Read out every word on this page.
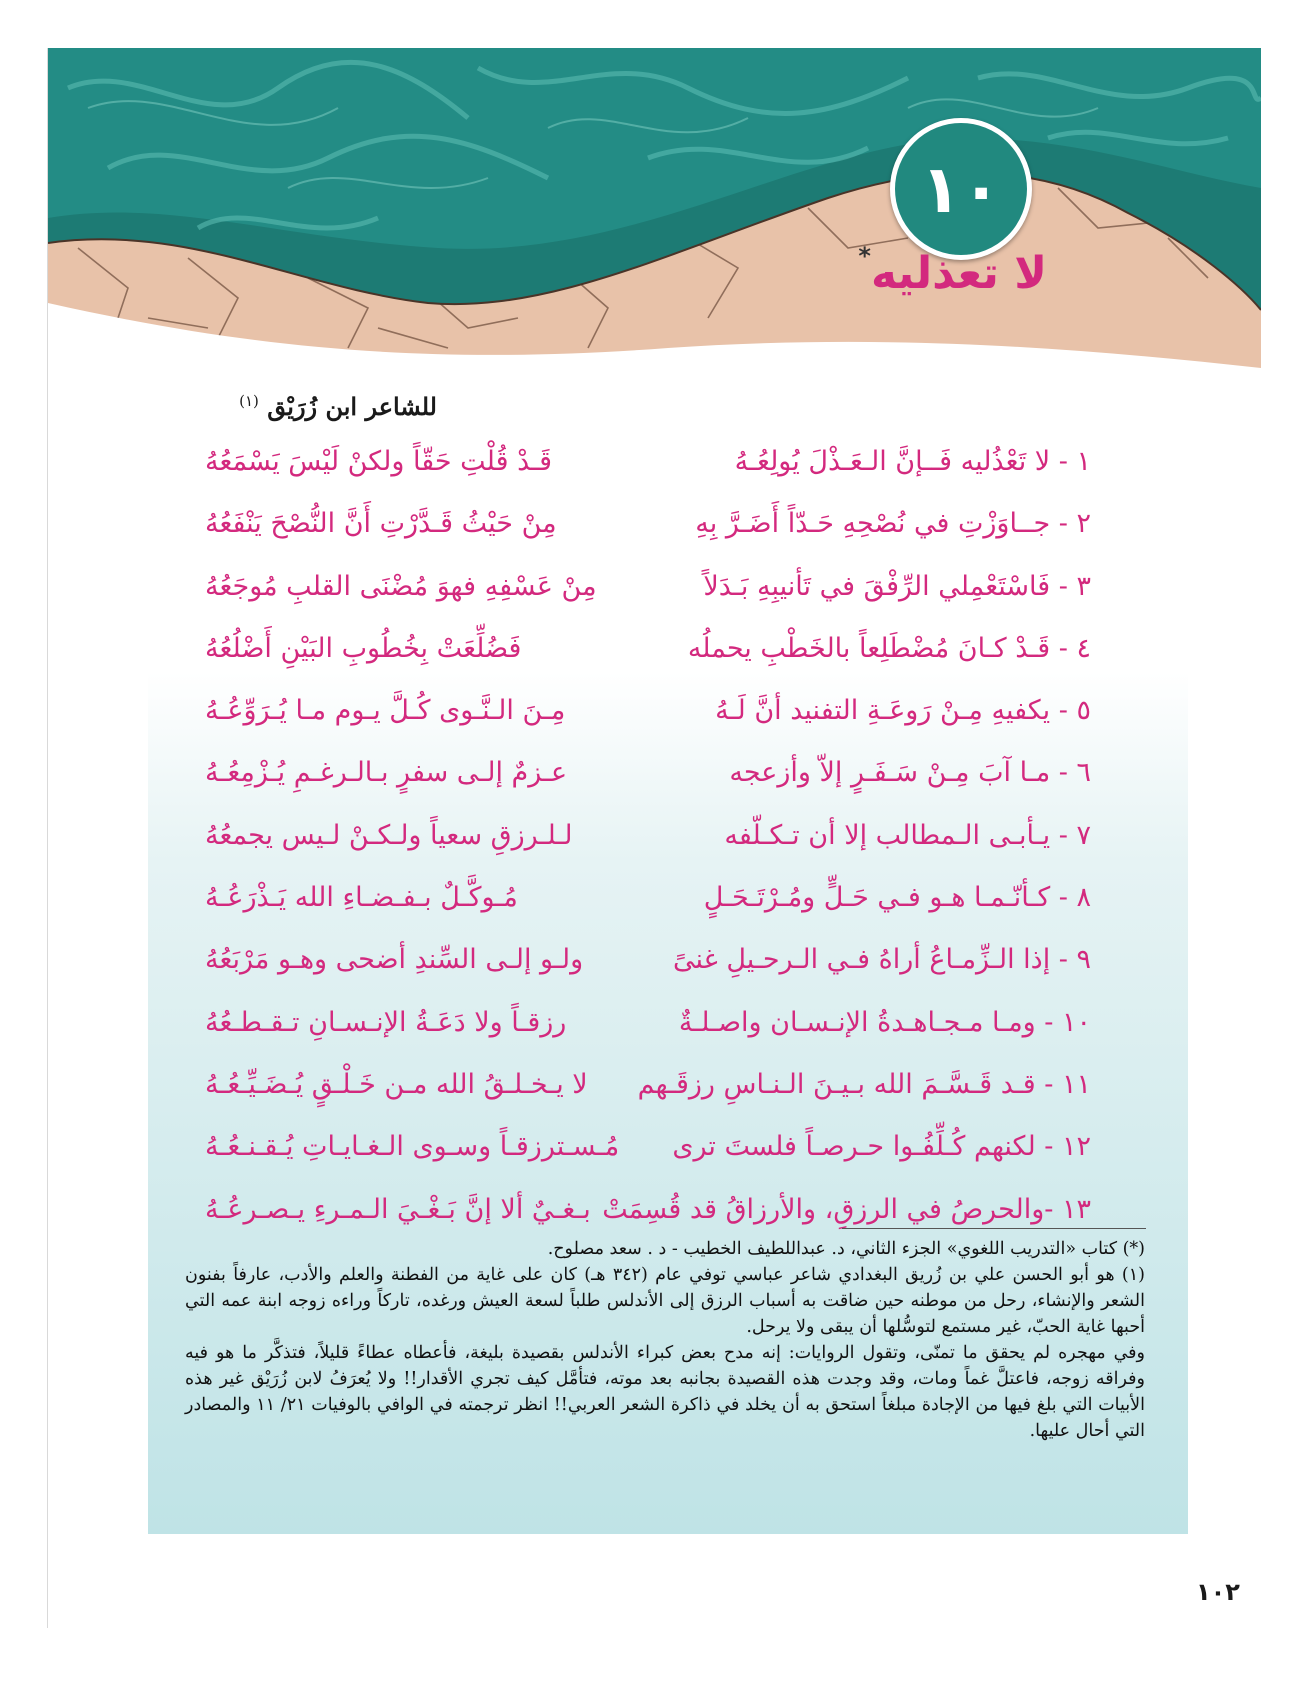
١٠
لا تعذليه*

للشاعر ابن زُرَيْق $^{(١)}$

١ - لا تَعْذُليه فَــإنَّ الـعَـذْلَ يُولِعُـهُ
قَـدْ قُلْتِ حَقّاً ولكنْ لَيْسَ يَسْمَعُهُ
٢ - جــاوَزْتِ في نُصْحِهِ حَـدّاً أَضَـرَّ بِهِ
مِنْ حَيْثُ قَـدَّرْتِ أَنَّ النُّصْحَ يَنْفَعُهُ
٣ - فَاسْتَعْمِلي الرِّفْقَ في تَأنيبِهِ بَـدَلاً
مِنْ عَسْفِهِ فهوَ مُضْنَى القلبِ مُوجَعُهُ
٤ - قَـدْ كـانَ مُضْطَلِعاً بالخَطْبِ يحملُه
فَضُلِّعَتْ بِخُطُوبِ البَيْنِ أَضْلُعُهُ
٥ - يكفيهِ مِـنْ رَوعَـةِ التفنيد أنَّ لَـهُ
مِـنَ الـنَّـوى كُـلَّ يـوم مـا يُـرَوِّعُـهُ
٦ - مـا آبَ مِـنْ سَـفَـرٍ إلاّ وأزعجه
عـزمٌ إلـى سفرٍ بـالـرغـمِ يُـزْمِعُـهُ
٧ - يـأبـى الـمطالب إلا أن تـكـلّفه
لـلـرزقِ سعياً ولـكـنْ لـيس يجمعُهُ
٨ - كـأنّـمـا هـو فـي حَـلٍّ ومُـرْتَـحَـلٍ
مُـوكَّـلٌ بـفـضـاءِ الله يَـذْرَعُـهُ
٩ - إذا الـزِّمـاعُ أراهُ فـي الـرحـيلِ غنىً
ولـو إلـى السِّندِ أضحى وهـو مَرْبَعُهُ
١٠ - ومـا مـجـاهـدةُ الإنـسـان واصـلـةٌ
رزقـاً ولا دَعَـةُ الإنـسـانِ تـقـطـعُهُ
١١ - قـد قَـسَّـمَ الله بـيـنَ الـنـاسِ رزقَـهم
لا يـخـلـقُ الله مـن خَـلْـقٍ يُـضَـيِّـعُـهُ
١٢ - لكنهم كُـلِّفُـوا حـرصـاً فلستَ ترى
مُـسـترزقـاً وسـوى الـغـايـاتِ يُـقـنـعُـهُ
١٣ -والحرصُ في الرزقِ، والأرزاقُ قد قُسِمَتْ
بـغـيٌ ألا إنَّ بَـغْـيَ الـمـرءِ يـصـرعُـهُ

(*) كتاب «التدريب اللغوي» الجزء الثاني، د. عبداللطيف الخطيب - د . سعد مصلوح.

(١) هو أبو الحسن علي بن زُريق البغدادي شاعر عباسي توفي عام (٣٤٢ هـ) كان على غاية من الفطنة والعلم والأدب، عارفاً بفنون الشعر والإنشاء، رحل من موطنه حين ضاقت به أسباب الرزق إلى الأندلس طلباً لسعة العيش ورغده، تاركاً وراءه زوجه ابنة عمه التي أحبها غاية الحبّ، غير مستمع لتوسُّلها أن يبقى ولا يرحل.

وفي مهجره لم يحقق ما تمنّى، وتقول الروايات: إنه مدح بعض كبراء الأندلس بقصيدة بليغة، فأعطاه عطاءً قليلاً، فتذكَّر ما هو فيه وفراقه زوجه، فاعتلَّ غماً ومات، وقد وجدت هذه القصيدة بجانبه بعد موته، فتأمَّل كيف تجري الأقدار!! ولا يُعرَفُ لابن زُرَيْق غير هذه الأبيات التي بلغ فيها من الإجادة مبلغاً استحق به أن يخلد في ذاكرة الشعر العربي!! انظر ترجمته في الوافي بالوفيات ٢١/ ١١ والمصادر التي أحال عليها.

١٠٢
